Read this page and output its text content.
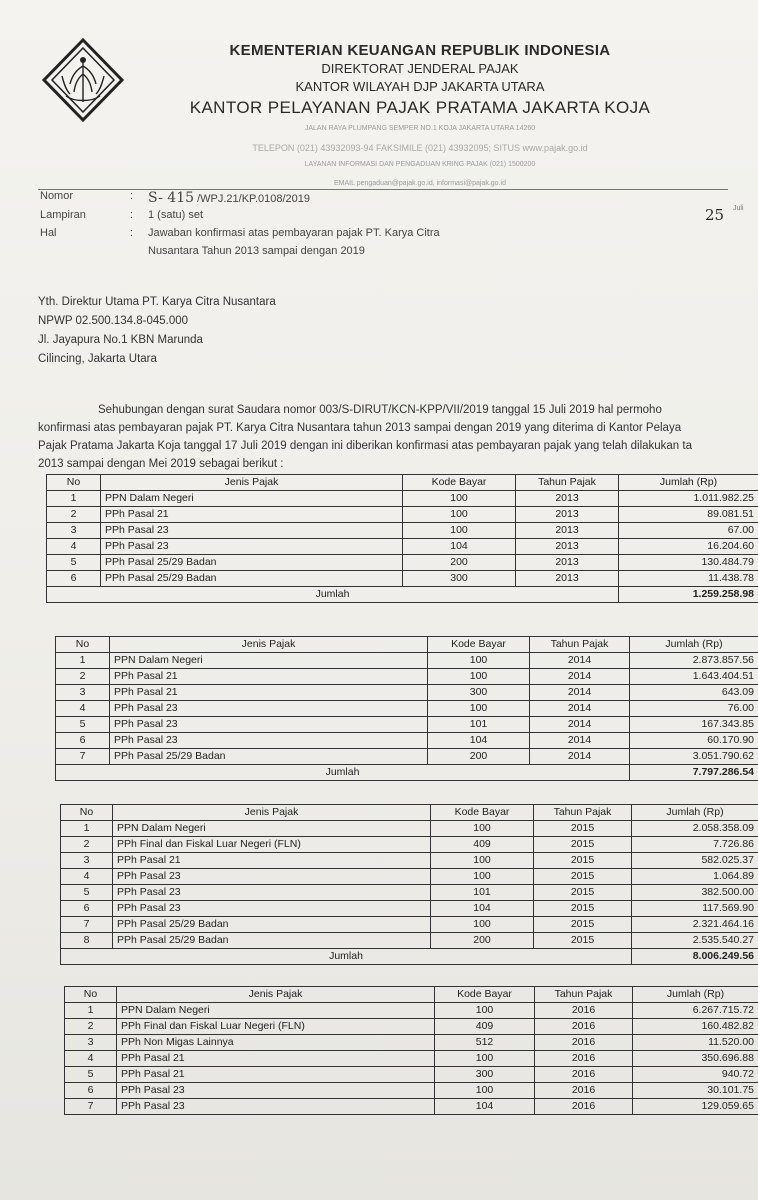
KEMENTERIAN KEUANGAN REPUBLIK INDONESIA
DIREKTORAT JENDERAL PAJAK
KANTOR WILAYAH DJP JAKARTA UTARA
KANTOR PELAYANAN PAJAK PRATAMA JAKARTA KOJA
JALAN RAYA PLUMPANG SEMPER NO.1 KOJA JAKARTA UTARA 14260
TELEPON (021) 43932093-94 FAKSIMILE (021) 43932095; SITUS www.pajak.go.id
LAYANAN INFORMASI DAN PENGADUAN KRING PAJAK (021) 1500200
EMAIL pengaduan@pajak.go.id, informasi@pajak.go.id
Nomor	: S- 415 /WPJ.21/KP.0108/2019
Lampiran	: 1 (satu) set
Hal	: Jawaban konfirmasi atas pembayaran pajak PT. Karya Citra
Nusantara Tahun 2013 sampai dengan 2019
25 Juli
Yth. Direktur Utama PT. Karya Citra Nusantara
NPWP 02.500.134.8-045.000
Jl. Jayapura No.1 KBN Marunda
Cilincing, Jakarta Utara
Sehubungan dengan surat Saudara nomor 003/S-DIRUT/KCN-KPP/VII/2019 tanggal 15 Juli 2019 hal permoho
konfirmasi atas pembayaran pajak PT. Karya Citra Nusantara tahun 2013 sampai dengan 2019 yang diterima di Kantor Pelaya
Pajak Pratama Jakarta Koja tanggal 17 Juli 2019 dengan ini diberikan konfirmasi atas pembayaran pajak yang telah dilakukan ta
2013 sampai dengan Mei 2019 sebagai berikut :
No	Jenis Pajak	Kode Bayar	Tahun Pajak	Jumlah (Rp)
1	PPN Dalam Negeri	100	2013	1.011.982.25
2	PPh Pasal 21	100	2013	89.081.51
3	PPh Pasal 23	100	2013	67.00
4	PPh Pasal 23	104	2013	16.204.60
5	PPh Pasal 25/29 Badan	200	2013	130.484.79
6	PPh Pasal 25/29 Badan	300	2013	11.438.78
Jumlah				1.259.258.98
No	Jenis Pajak	Kode Bayar	Tahun Pajak	Jumlah (Rp)
1	PPN Dalam Negeri	100	2014	2.873.857.56
2	PPh Pasal 21	100	2014	1.643.404.51
3	PPh Pasal 21	300	2014	643.09
4	PPh Pasal 23	100	2014	76.00
5	PPh Pasal 23	101	2014	167.343.85
6	PPh Pasal 23	104	2014	60.170.90
7	PPh Pasal 25/29 Badan	200	2014	3.051.790.62
Jumlah				7.797.286.54
No	Jenis Pajak	Kode Bayar	Tahun Pajak	Jumlah (Rp)
1	PPN Dalam Negeri	100	2015	2.058.358.09
2	PPh Final dan Fiskal Luar Negeri (FLN)	409	2015	7.726.86
3	PPh Pasal 21	100	2015	582.025.37
4	PPh Pasal 23	100	2015	1.064.89
5	PPh Pasal 23	101	2015	382.500.00
6	PPh Pasal 23	104	2015	117.569.90
7	PPh Pasal 25/29 Badan	100	2015	2.321.464.16
8	PPh Pasal 25/29 Badan	200	2015	2.535.540.27
Jumlah				8.006.249.56
No	Jenis Pajak	Kode Bayar	Tahun Pajak	Jumlah (Rp)
1	PPN Dalam Negeri	100	2016	6.267.715.72
2	PPh Final dan Fiskal Luar Negeri (FLN)	409	2016	160.482.82
3	PPh Non Migas Lainnya	512	2016	11.520.00
4	PPh Pasal 21	100	2016	350.696.88
5	PPh Pasal 21	300	2016	940.72
6	PPh Pasal 23	100	2016	30.101.75
7	PPh Pasal 23	104	2016	129.059.65
